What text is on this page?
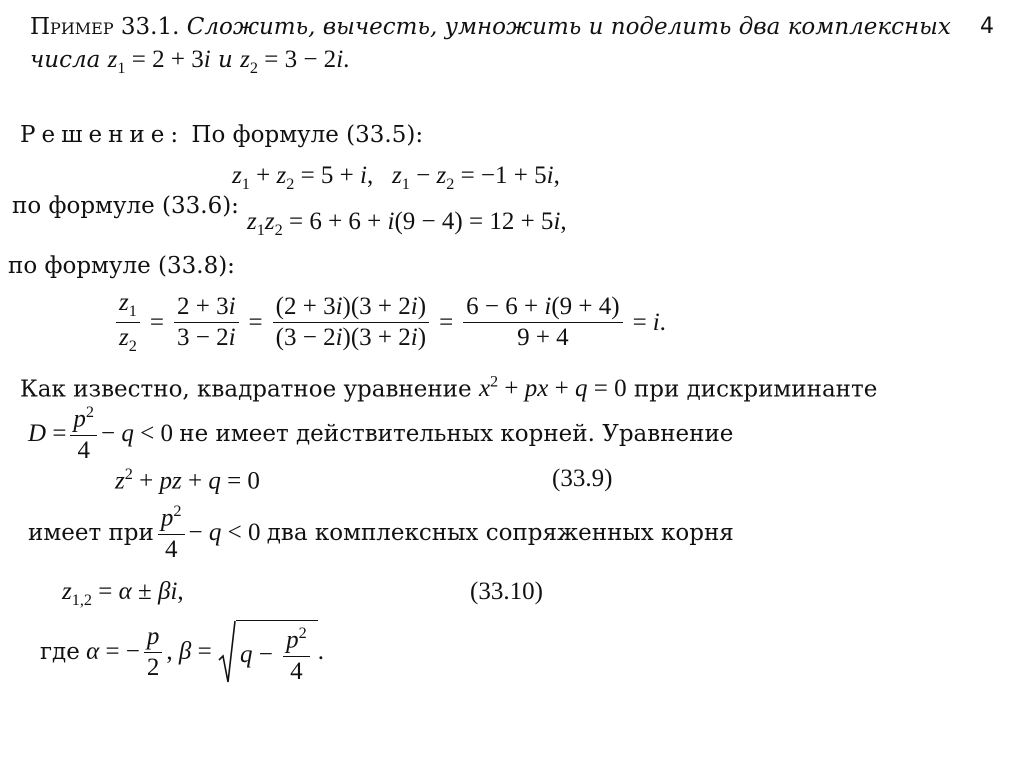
4
Пример 33.1. Сложить, вычесть, умножить и поделить два комплексных
числа $z_1 = 2 + 3i$ и $z_2 = 3 - 2i$.
Решение: По формуле (33.5):
$z_1 + z_2 = 5 + i$,   $z_1 - z_2 = -1 + 5i$,
по формуле (33.6):
$z_1z_2 = 6 + 6 + i(9 - 4) = 12 + 5i$,
по формуле (33.8):
$\frac{z_1}{z_2} = \frac{2 + 3i}{3 - 2i} = \frac{(2 + 3i)(3 + 2i)}{(3 - 2i)(3 + 2i)} = \frac{6 - 6 + i(9 + 4)}{9 + 4} = i$ .
Как известно, квадратное уравнение $x^2$ + px + q = 0 при дискриминанте
$D = \frac{p^2}{4} - q < 0$ не имеет действительных корней. Уравнение
$z^2$ + pz + q = 0	(33.9)
имеет при $\frac{p^2}{4} - q < 0$ два комплексных сопряженных корня
$z_{1,2} = \alpha \pm \beta i$,	(33.10)
где α = − $\frac{p}{2}$ , $\beta = q - \frac{p^2}{4}$ .
